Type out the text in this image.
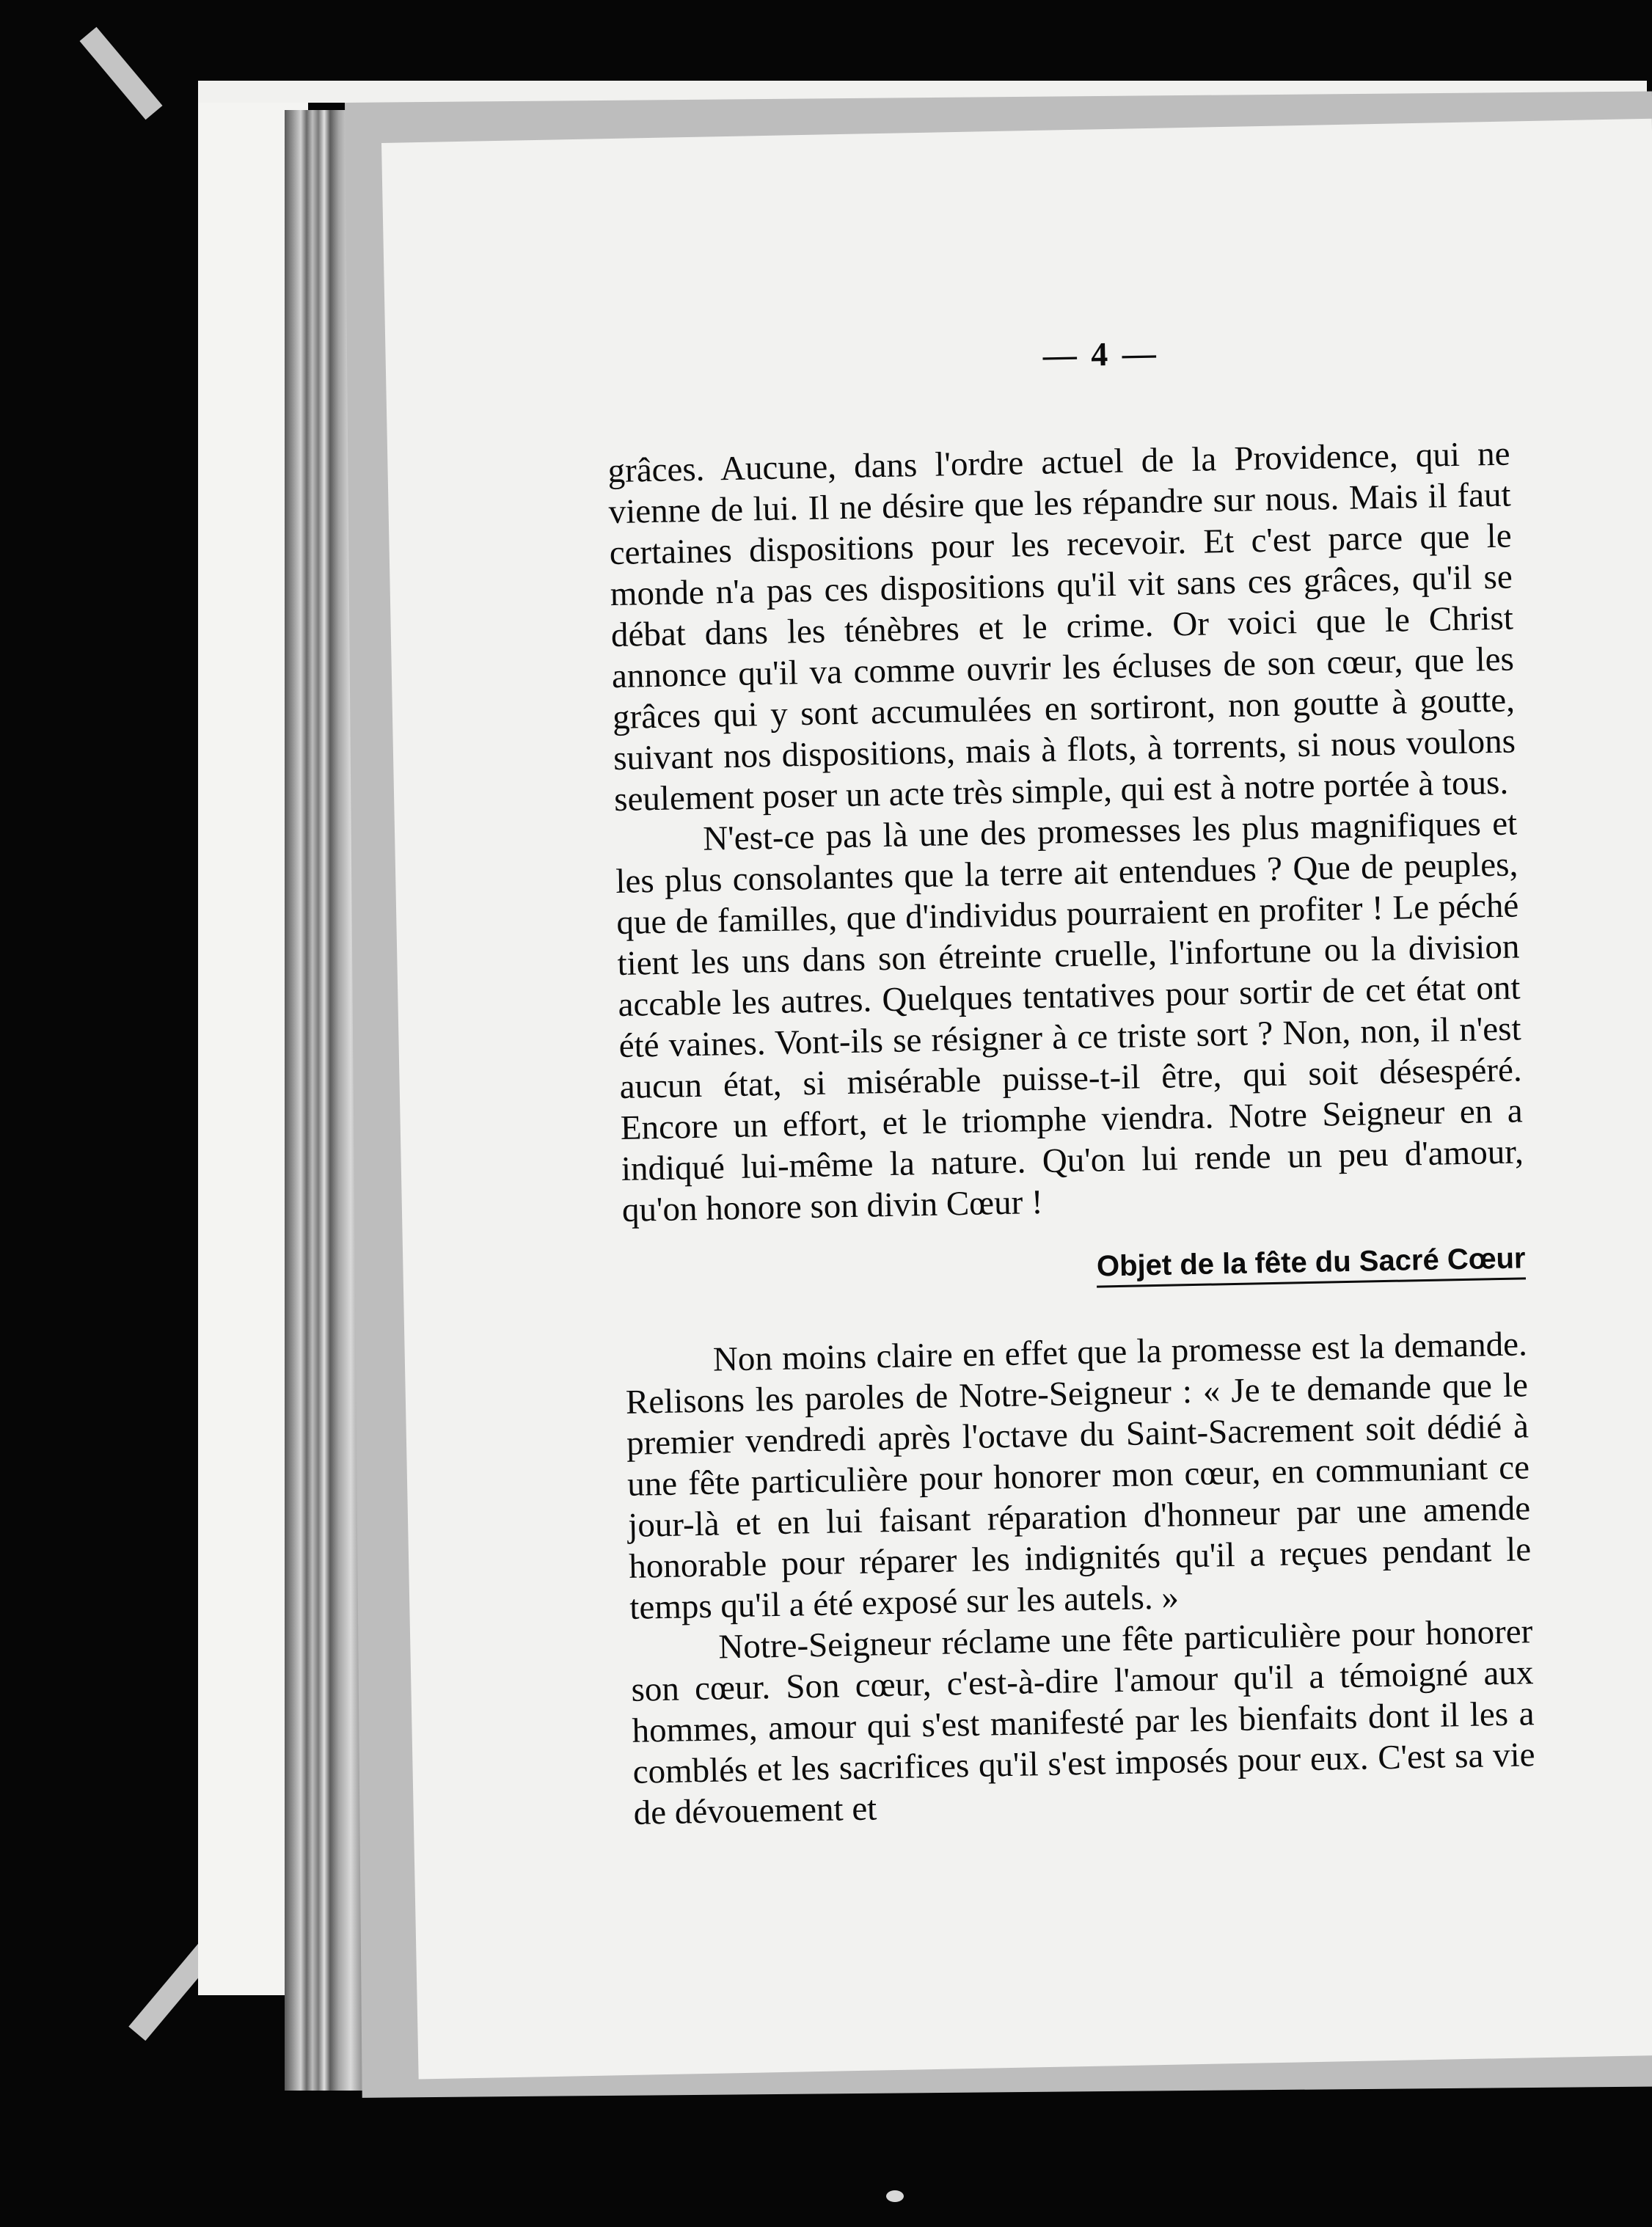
— 4 —

grâces. Aucune, dans l'ordre actuel de la Providence, qui ne vienne de lui. Il ne désire que les répandre sur nous. Mais il faut certaines dispositions pour les recevoir. Et c'est parce que le monde n'a pas ces dispositions qu'il vit sans ces grâces, qu'il se débat dans les ténèbres et le crime. Or voici que le Christ annonce qu'il va comme ouvrir les écluses de son cœur, que les grâces qui y sont accumulées en sortiront, non goutte à goutte, suivant nos dispositions, mais à flots, à torrents, si nous voulons seulement poser un acte très simple, qui est à notre portée à tous.

N'est-ce pas là une des promesses les plus magnifiques et les plus consolantes que la terre ait entendues ? Que de peuples, que de familles, que d'individus pourraient en profiter ! Le péché tient les uns dans son étreinte cruelle, l'infortune ou la division accable les autres. Quelques tentatives pour sortir de cet état ont été vaines. Vont-ils se résigner à ce triste sort ? Non, non, il n'est aucun état, si misérable puisse-t-il être, qui soit désespéré. Encore un effort, et le triomphe viendra. Notre Seigneur en a indiqué lui-même la nature. Qu'on lui rende un peu d'amour, qu'on honore son divin Cœur !

Objet de la fête du Sacré Cœur

Non moins claire en effet que la promesse est la demande. Relisons les paroles de Notre-Seigneur : « Je te demande que le premier vendredi après l'octave du Saint-Sacrement soit dédié à une fête particulière pour honorer mon cœur, en communiant ce jour-là et en lui faisant réparation d'honneur par une amende honorable pour réparer les indignités qu'il a reçues pendant le temps qu'il a été exposé sur les autels. »

Notre-Seigneur réclame une fête particulière pour honorer son cœur. Son cœur, c'est-à-dire l'amour qu'il a témoigné aux hommes, amour qui s'est manifesté par les bienfaits dont il les a comblés et les sacrifices qu'il s'est imposés pour eux. C'est sa vie de dévouement et
